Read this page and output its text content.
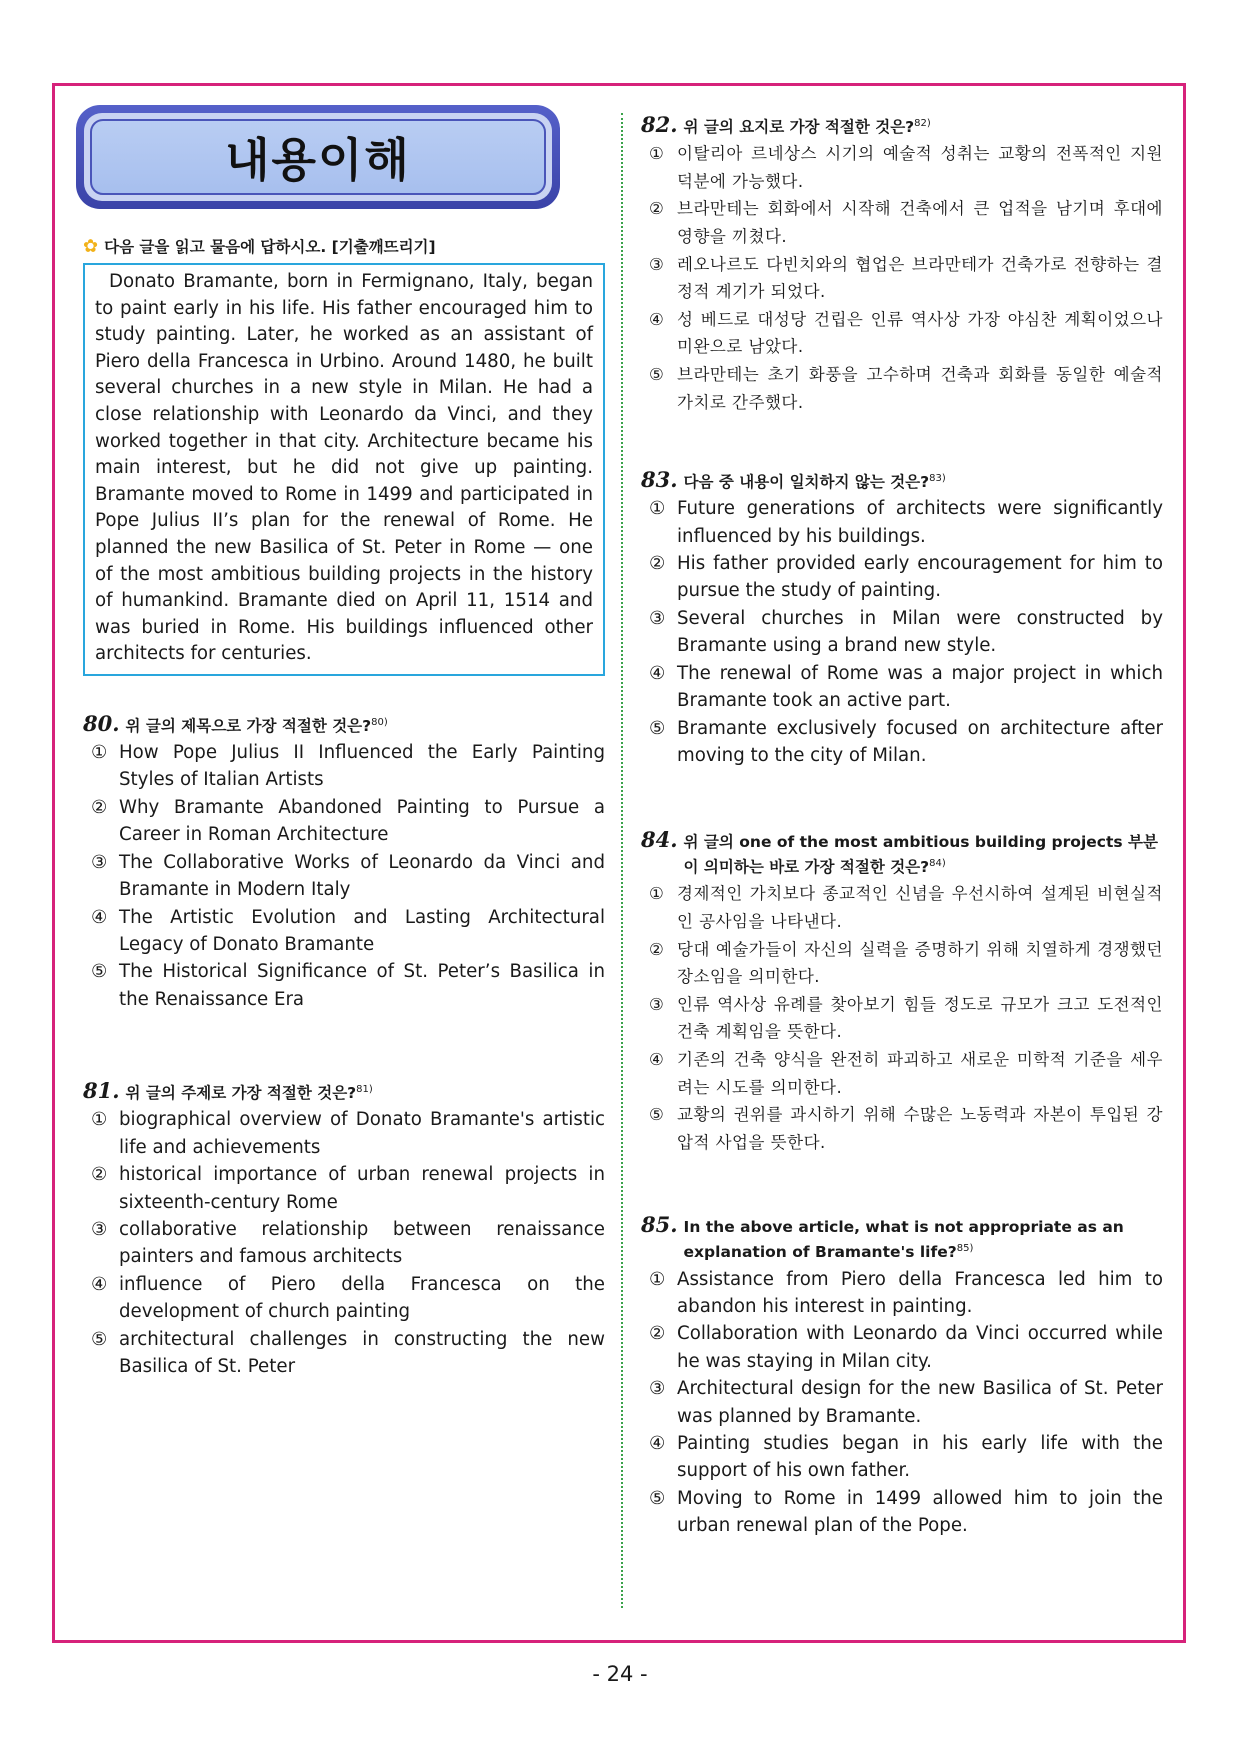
내용이해
✿ 다음 글을 읽고 물음에 답하시오. [기출깨뜨리기]
Donato Bramante, born in Fermignano, Italy, began to paint early in his life. His father encouraged him to study painting. Later, he worked as an assistant of Piero della Francesca in Urbino. Around 1480, he built several churches in a new style in Milan. He had a close relationship with Leonardo da Vinci, and they worked together in that city. Architecture became his main interest, but he did not give up painting. Bramante moved to Rome in 1499 and participated in Pope Julius II’s plan for the renewal of Rome. He planned the new Basilica of St. Peter in Rome — one of the most ambitious building projects in the history of humankind. Bramante died on April 11, 1514 and was buried in Rome. His buildings influenced other architects for centuries.
80. 위 글의 제목으로 가장 적절한 것은?$^{80)}$
① How Pope Julius II Influenced the Early Painting Styles of Italian Artists
② Why Bramante Abandoned Painting to Pursue a Career in Roman Architecture
③ The Collaborative Works of Leonardo da Vinci and Bramante in Modern Italy
④ The Artistic Evolution and Lasting Architectural Legacy of Donato Bramante
⑤ The Historical Significance of St. Peter’s Basilica in the Renaissance Era
81. 위 글의 주제로 가장 적절한 것은?$^{81)}$
① biographical overview of Donato Bramante's artistic life and achievements
② historical importance of urban renewal projects in sixteenth-century Rome
③ collaborative relationship between renaissance painters and famous architects
④ influence of Piero della Francesca on the development of church painting
⑤ architectural challenges in constructing the new Basilica of St. Peter
82. 위 글의 요지로 가장 적절한 것은?$^{82)}$
① 이탈리아 르네상스 시기의 예술적 성취는 교황의 전폭적인 지원 덕분에 가능했다.
② 브라만테는 회화에서 시작해 건축에서 큰 업적을 남기며 후대에 영향을 끼쳤다.
③ 레오나르도 다빈치와의 협업은 브라만테가 건축가로 전향하는 결정적 계기가 되었다.
④ 성 베드로 대성당 건립은 인류 역사상 가장 야심찬 계획이었으나 미완으로 남았다.
⑤ 브라만테는 초기 화풍을 고수하며 건축과 회화를 동일한 예술적 가치로 간주했다.
83. 다음 중 내용이 일치하지 않는 것은?$^{83)}$
① Future generations of architects were significantly influenced by his buildings.
② His father provided early encouragement for him to pursue the study of painting.
③ Several churches in Milan were constructed by Bramante using a brand new style.
④ The renewal of Rome was a major project in which Bramante took an active part.
⑤ Bramante exclusively focused on architecture after moving to the city of Milan.
84. 위 글의 one of the most ambitious building projects 부분이 의미하는 바로 가장 적절한 것은?$^{84)}$
① 경제적인 가치보다 종교적인 신념을 우선시하여 설계된 비현실적인 공사임을 나타낸다.
② 당대 예술가들이 자신의 실력을 증명하기 위해 치열하게 경쟁했던 장소임을 의미한다.
③ 인류 역사상 유례를 찾아보기 힘들 정도로 규모가 크고 도전적인 건축 계획임을 뜻한다.
④ 기존의 건축 양식을 완전히 파괴하고 새로운 미학적 기준을 세우려는 시도를 의미한다.
⑤ 교황의 권위를 과시하기 위해 수많은 노동력과 자본이 투입된 강압적 사업을 뜻한다.
85. In the above article, what is not appropriate as an explanation of Bramante's life?$^{85)}$
① Assistance from Piero della Francesca led him to abandon his interest in painting.
② Collaboration with Leonardo da Vinci occurred while he was staying in Milan city.
③ Architectural design for the new Basilica of St. Peter was planned by Bramante.
④ Painting studies began in his early life with the support of his own father.
⑤ Moving to Rome in 1499 allowed him to join the urban renewal plan of the Pope.
- 24 -
